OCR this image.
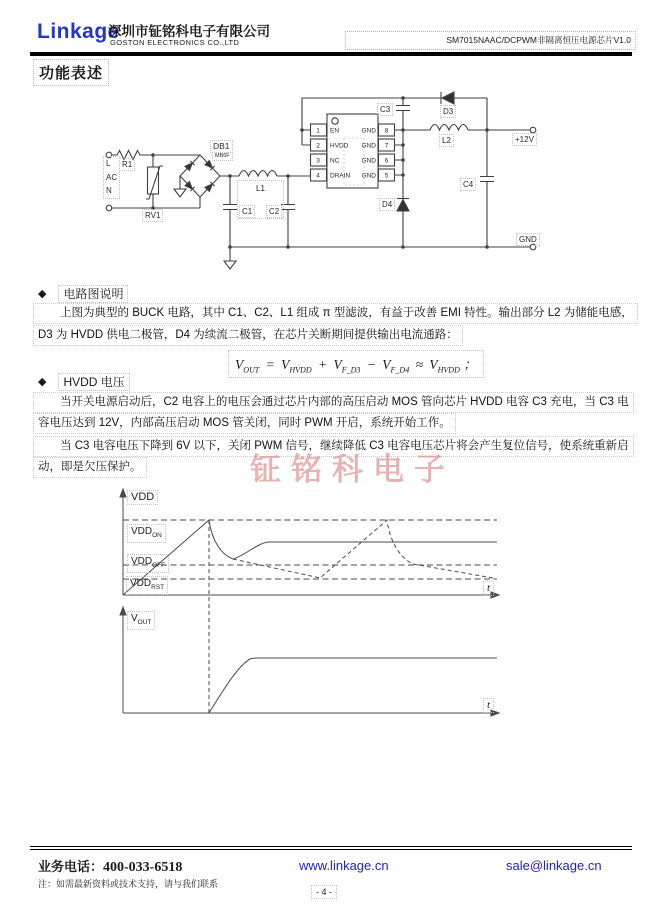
Linkage
深圳市钲铭科电子有限公司
GOSTON ELECTRONICS CO.,LTD	SM7015NAAC/DCPWM非隔离恒压电源芯片V1.0
功能表述
1
2
3
4
8
7
6
5
EN
HVDD
NC
DRAIN
GND
GND
GND
GND
L
AC
N
R1
RV1
DB1
MB6F
L1
C1	C2
C3	D3
L2	+12V
C4
D4
GND
◆ 电路图说明
上图为典型的 BUCK 电路，其中 C1、C2、L1 组成 π 型滤波，有益于改善 EMI 特性。输出部分 L2 为储能电感，
D3 为 HVDD 供电二极管，D4 为续流二极管，在芯片关断期间提供输出电流通路：
$V_{OUT} = V_{HVDD} + V_{F\_D3} - V_{F\_D4} \approx V_{HVDD}$ ；
◆ HVDD 电压
当开关电源启动后，C2 电容上的电压会通过芯片内部的高压启动 MOS 管向芯片 HVDD 电容 C3 充电，当 C3 电
容电压达到 12V，内部高压启动 MOS 管关闭，同时 PWM 开启，系统开始工作。
当 C3 电容电压下降到 6V 以下，关闭 PWM 信号，继续降低 C3 电容电压芯片将会产生复位信号，使系统重新启
动，即是欠压保护。	钲铭科电子
VDD
$VDD_{ON}$
$VDD_{OFF}$
$VDD_{RST}$	t
$V_{OUT}$
t
业务电话：400-033-6518
注：如需最新资料或技术支持，请与我们联系
www.linkage.cn	sale@linkage.cn
- 4 -
